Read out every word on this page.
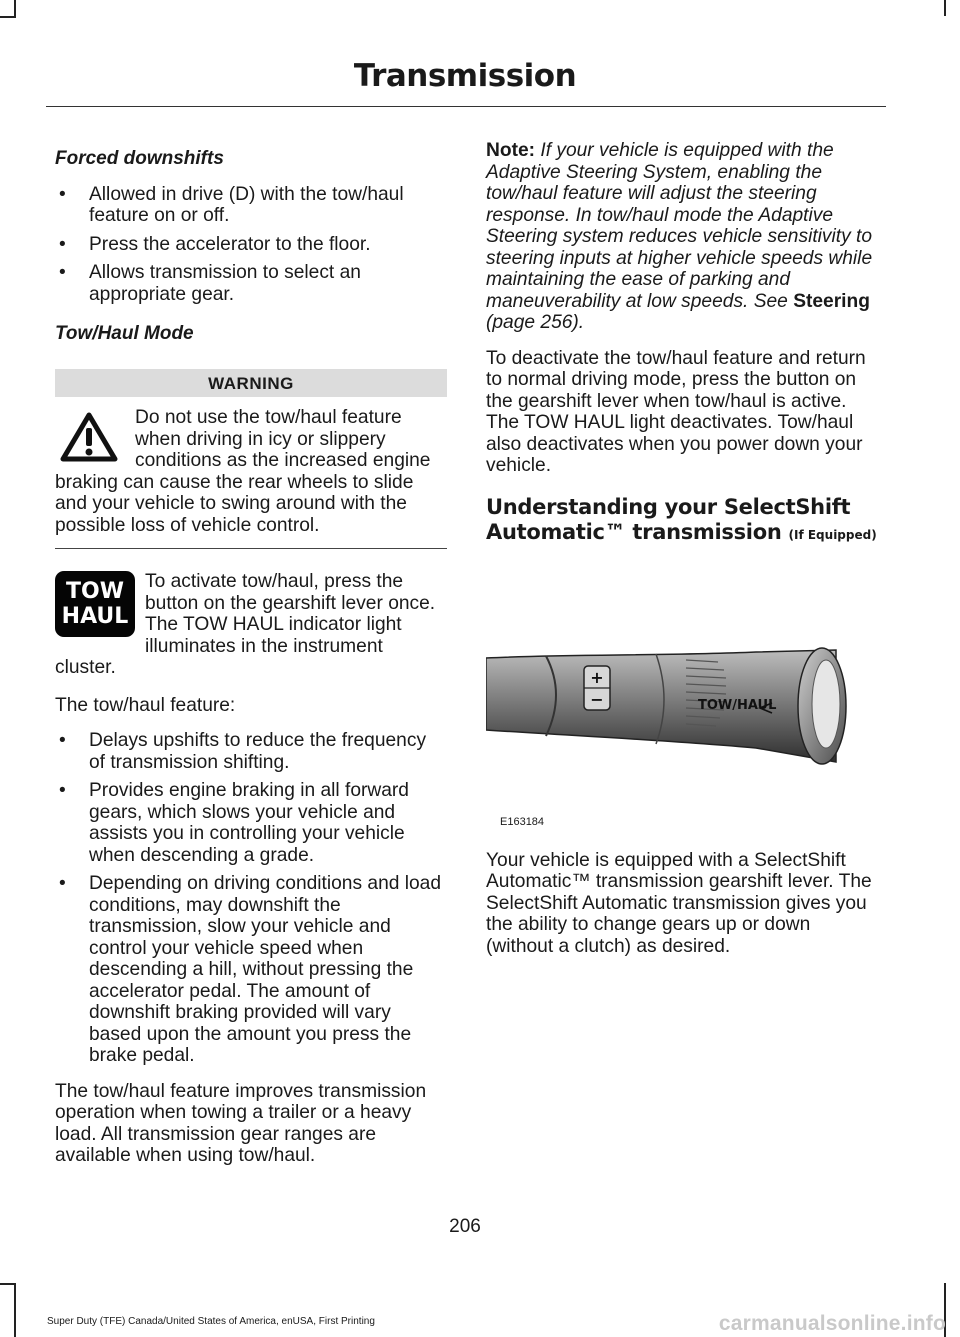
Transmission
Forced downshifts
• Allowed in drive (D) with the tow/haul feature on or off.
• Press the accelerator to the floor.
• Allows transmission to select an appropriate gear.
Tow/Haul Mode
WARNING
Do not use the tow/haul feature when driving in icy or slippery conditions as the increased engine braking can cause the rear wheels to slide and your vehicle to swing around with the possible loss of vehicle control.
TOW
HAUL
To activate tow/haul, press the button on the gearshift lever once. The TOW HAUL indicator light illuminates in the instrument cluster.

The tow/haul feature:

• Delays upshifts to reduce the frequency of transmission shifting.
• Provides engine braking in all forward gears, which slows your vehicle and assists you in controlling your vehicle when descending a grade.
• Depending on driving conditions and load conditions, may downshift the transmission, slow your vehicle and control your vehicle speed when descending a hill, without pressing the accelerator pedal. The amount of downshift braking provided will vary based upon the amount you press the brake pedal.

The tow/haul feature improves transmission operation when towing a trailer or a heavy load. All transmission gear ranges are available when using tow/haul.

Note: If your vehicle is equipped with the Adaptive Steering System, enabling the tow/haul feature will adjust the steering response. In tow/haul mode the Adaptive Steering system reduces vehicle sensitivity to steering inputs at higher vehicle speeds while maintaining the ease of parking and maneuverability at low speeds. See Steering (page 256).

To deactivate the tow/haul feature and return to normal driving mode, press the button on the gearshift lever when tow/haul is active. The TOW HAUL light deactivates. Tow/haul also deactivates when you power down your vehicle.

Understanding your SelectShift Automatic™ transmission (If Equipped)
+
−	TOW/HAUL
E163184

Your vehicle is equipped with a SelectShift Automatic™ transmission gearshift lever. The SelectShift Automatic transmission gives you the ability to change gears up or down (without a clutch) as desired.

206
Super Duty (TFE) Canada/United States of America, enUSA, First Printing	carmanualsonline.info
